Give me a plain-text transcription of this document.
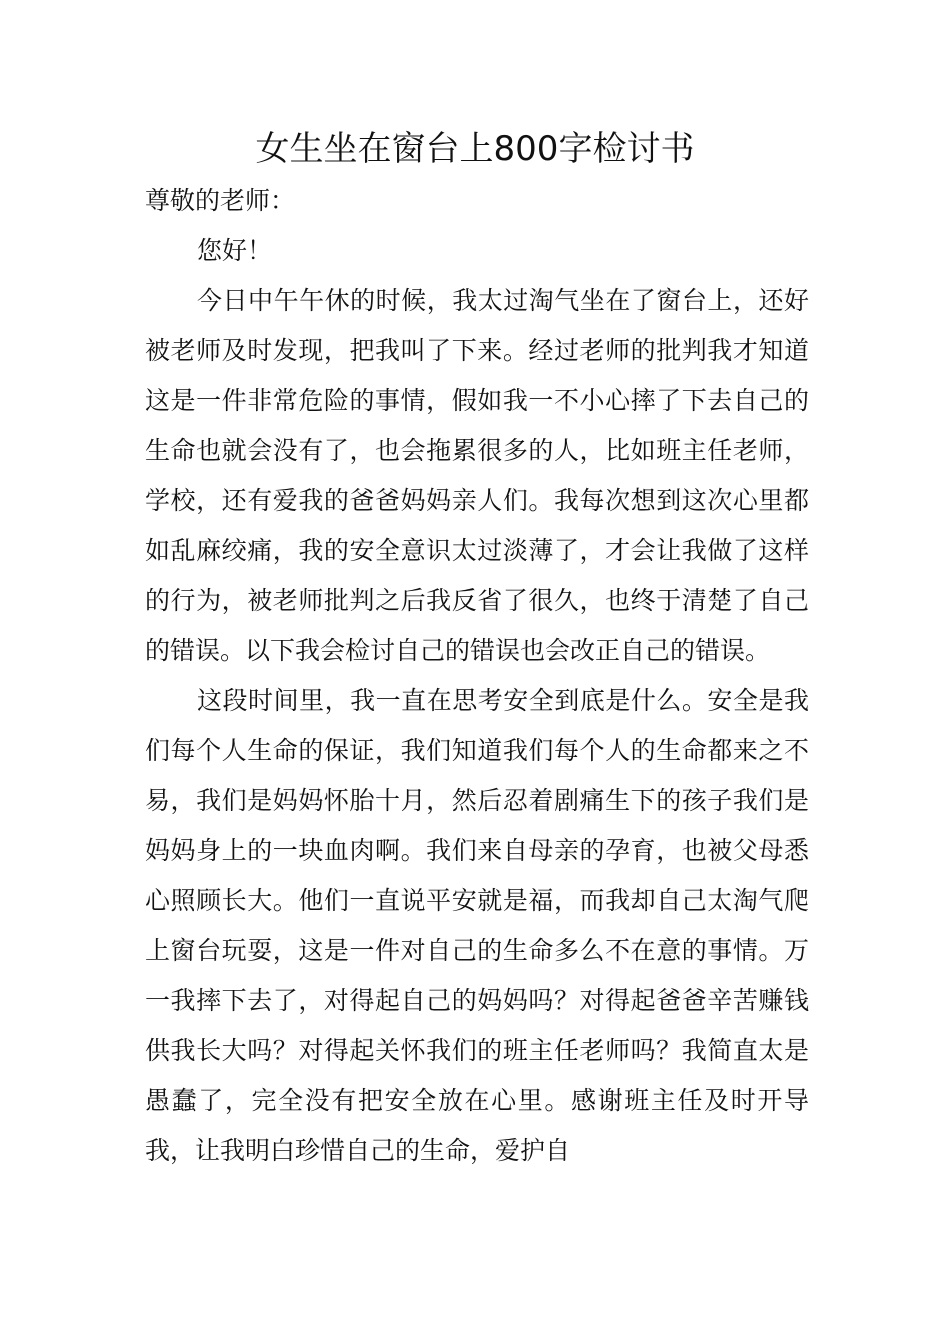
女生坐在窗台上800字检讨书

尊敬的老师：

您好！

今日中午午休的时候，我太过淘气坐在了窗台上，还好被老师及时发现，把我叫了下来。经过老师的批判我才知道这是一件非常危险的事情，假如我一不小心摔了下去自己的生命也就会没有了，也会拖累很多的人，比如班主任老师，学校，还有爱我的爸爸妈妈亲人们。我每次想到这次心里都如乱麻绞痛，我的安全意识太过淡薄了，才会让我做了这样的行为，被老师批判之后我反省了很久，也终于清楚了自己的错误。以下我会检讨自己的错误也会改正自己的错误。

这段时间里，我一直在思考安全到底是什么。安全是我们每个人生命的保证，我们知道我们每个人的生命都来之不易，我们是妈妈怀胎十月，然后忍着剧痛生下的孩子我们是妈妈身上的一块血肉啊。我们来自母亲的孕育，也被父母悉心照顾长大。他们一直说平安就是福，而我却自己太淘气爬上窗台玩耍，这是一件对自己的生命多么不在意的事情。万一我摔下去了，对得起自己的妈妈吗？对得起爸爸辛苦赚钱供我长大吗？对得起关怀我们的班主任老师吗？我简直太是愚蠢了，完全没有把安全放在心里。感谢班主任及时开导我，让我明白珍惜自己的生命，爱护自
